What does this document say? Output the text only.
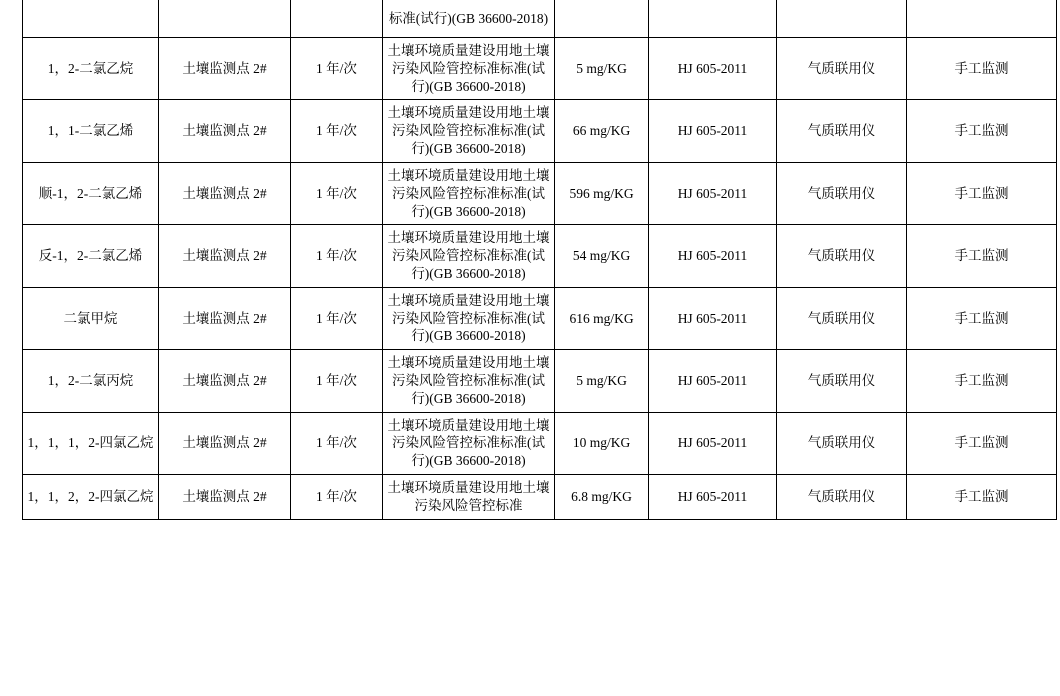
			标准(试行)(GB 36600-2018)				
1，2-二氯乙烷	土壤监测点 2#	1 年/次	土壤环境质量建设用地土壤污染风险管控标准标准(试行)(GB 36600-2018)	5 mg/KG	HJ 605-2011	气质联用仪	手工监测
1，1-二氯乙烯	土壤监测点 2#	1 年/次	土壤环境质量建设用地土壤污染风险管控标准标准(试行)(GB 36600-2018)	66 mg/KG	HJ 605-2011	气质联用仪	手工监测
顺-1，2-二氯乙烯	土壤监测点 2#	1 年/次	土壤环境质量建设用地土壤污染风险管控标准标准(试行)(GB 36600-2018)	596 mg/KG	HJ 605-2011	气质联用仪	手工监测
反-1，2-二氯乙烯	土壤监测点 2#	1 年/次	土壤环境质量建设用地土壤污染风险管控标准标准(试行)(GB 36600-2018)	54 mg/KG	HJ 605-2011	气质联用仪	手工监测
二氯甲烷	土壤监测点 2#	1 年/次	土壤环境质量建设用地土壤污染风险管控标准标准(试行)(GB 36600-2018)	616 mg/KG	HJ 605-2011	气质联用仪	手工监测
1，2-二氯丙烷	土壤监测点 2#	1 年/次	土壤环境质量建设用地土壤污染风险管控标准标准(试行)(GB 36600-2018)	5 mg/KG	HJ 605-2011	气质联用仪	手工监测
1，1，1，2-四氯乙烷	土壤监测点 2#	1 年/次	土壤环境质量建设用地土壤污染风险管控标准标准(试行)(GB 36600-2018)	10 mg/KG	HJ 605-2011	气质联用仪	手工监测
1，1，2，2-四氯乙烷	土壤监测点 2#	1 年/次	土壤环境质量建设用地土壤污染风险管控标准	6.8 mg/KG	HJ 605-2011	气质联用仪	手工监测
